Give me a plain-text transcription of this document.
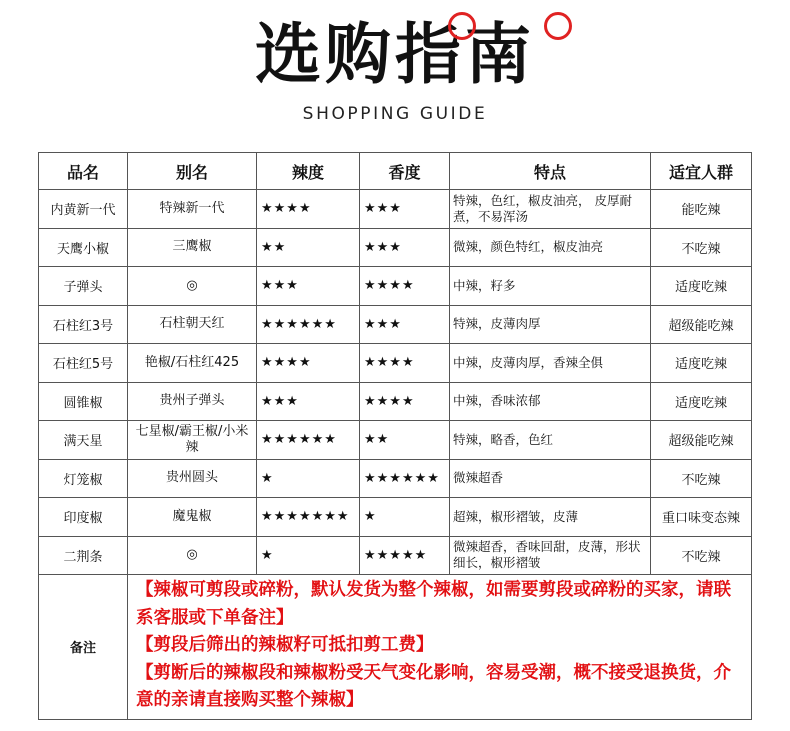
选购指南
SHOPPING GUIDE
品名	别名	辣度	香度	特点	适宜人群
内黄新一代	特辣新一代	★★★★	★★★	特辣，色红，椒皮油亮， 皮厚耐煮，不易浑汤	能吃辣
天鹰小椒	三鹰椒	★★	★★★	微辣，颜色特红，椒皮油亮	不吃辣
子弹头	◎	★★★	★★★★	中辣，籽多	适度吃辣
石柱红3号	石柱朝天红	★★★★★★	★★★	特辣，皮薄肉厚	超级能吃辣
石柱红5号	艳椒/石柱红425	★★★★	★★★★	中辣，皮薄肉厚，香辣全俱	适度吃辣
圆锥椒	贵州子弹头	★★★	★★★★	中辣，香味浓郁	适度吃辣
满天星	七星椒/霸王椒/小米辣	★★★★★★	★★	特辣，略香，色红	超级能吃辣
灯笼椒	贵州圆头	★	★★★★★★	微辣超香	不吃辣
印度椒	魔鬼椒	★★★★★★★	★	超辣，椒形褶皱，皮薄	重口味变态辣
二荆条	◎	★	★★★★★	微辣超香，香味回甜，皮薄，形状细长，椒形褶皱	不吃辣
备注	【辣椒可剪段或碎粉，默认发货为整个辣椒，如需要剪段或碎粉的买家，请联系客服或下单备注】
【剪段后筛出的辣椒籽可抵扣剪工费】
【剪断后的辣椒段和辣椒粉受天气变化影响，容易受潮，概不接受退换货，介意的亲请直接购买整个辣椒】				
